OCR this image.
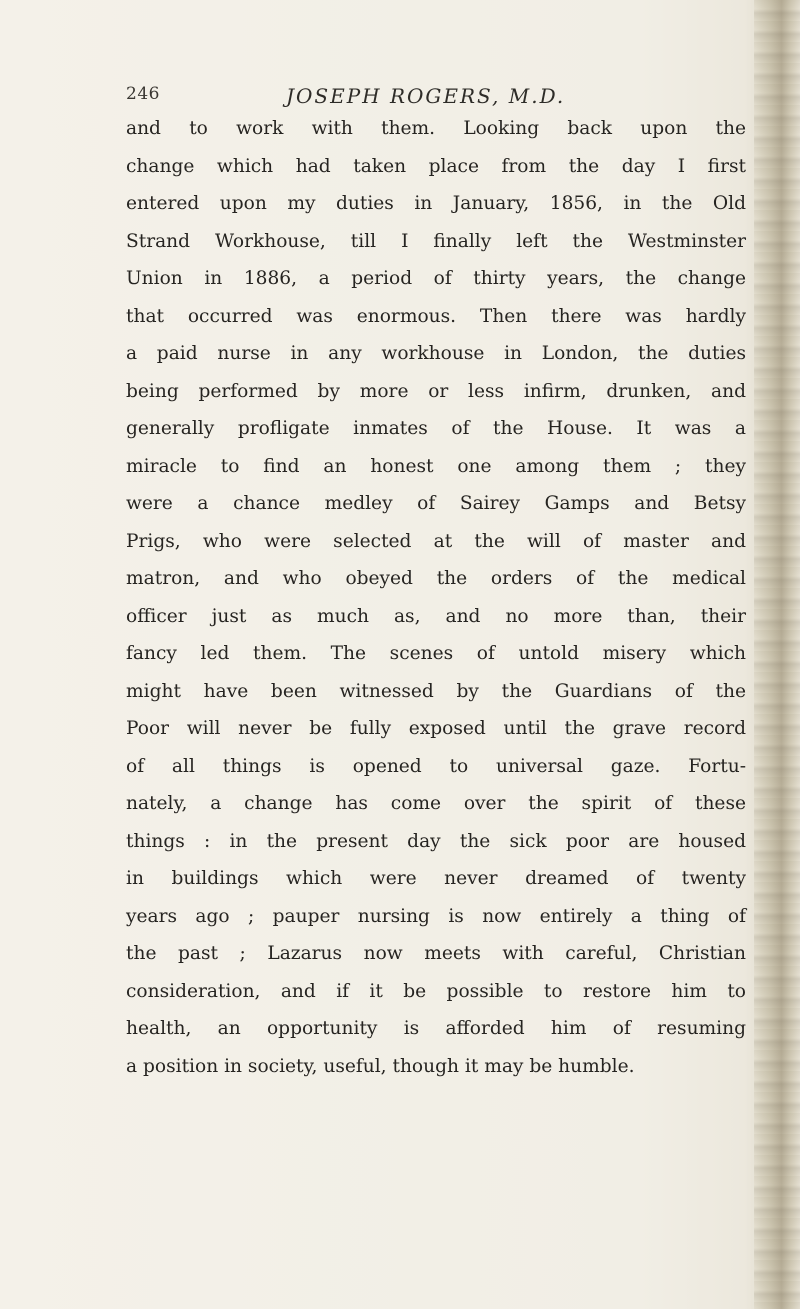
246	JOSEPH ROGERS, M.D.
and to work with them. Looking back upon the
change which had taken place from the day I first
entered upon my duties in January, 1856, in the Old
Strand Workhouse, till I finally left the Westminster
Union in 1886, a period of thirty years, the change
that occurred was enormous. Then there was hardly
a paid nurse in any workhouse in London, the duties
being performed by more or less infirm, drunken, and
generally profligate inmates of the House. It was a
miracle to find an honest one among them ; they
were a chance medley of Sairey Gamps and Betsy
Prigs, who were selected at the will of master and
matron, and who obeyed the orders of the medical
officer just as much as, and no more than, their
fancy led them. The scenes of untold misery which
might have been witnessed by the Guardians of the
Poor will never be fully exposed until the grave record
of all things is opened to universal gaze. Fortu-
nately, a change has come over the spirit of these
things : in the present day the sick poor are housed
in buildings which were never dreamed of twenty
years ago ; pauper nursing is now entirely a thing of
the past ; Lazarus now meets with careful, Christian
consideration, and if it be possible to restore him to
health, an opportunity is afforded him of resuming
a position in society, useful, though it may be humble.
